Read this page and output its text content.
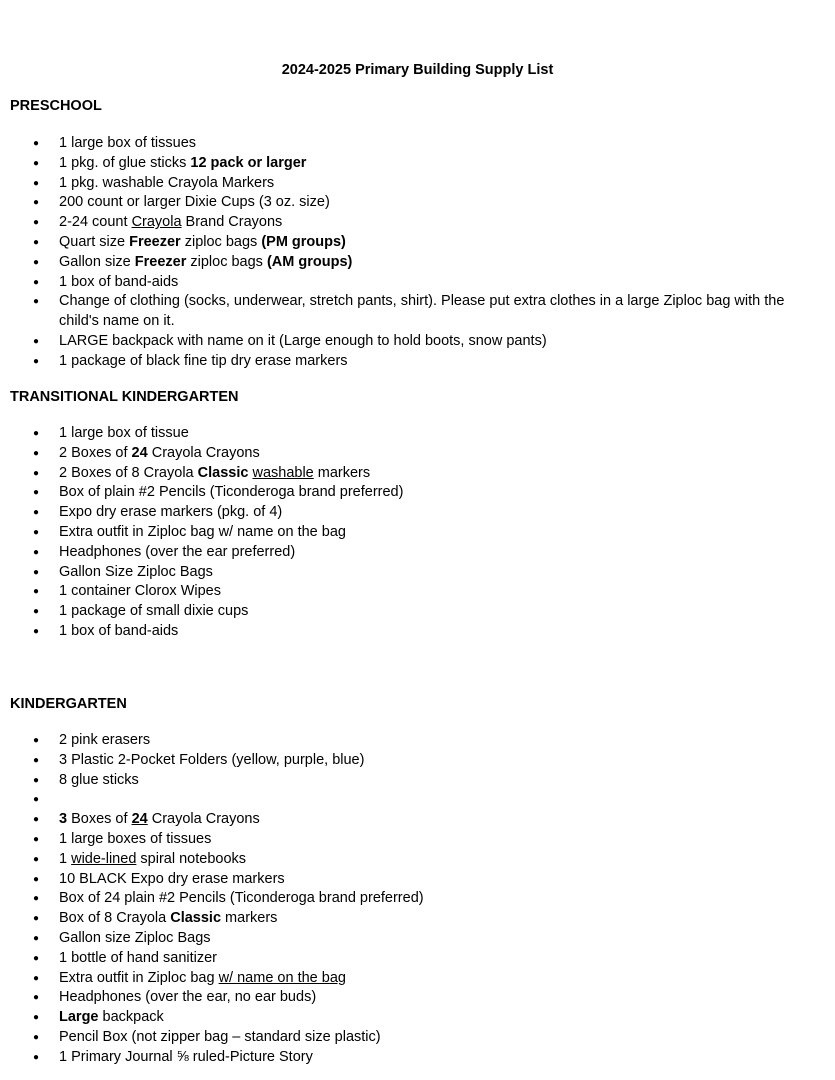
2024-2025 Primary Building Supply List
PRESCHOOL
● 1 large box of tissues
● 1 pkg. of glue sticks 12 pack or larger
● 1 pkg. washable Crayola Markers
● 200 count or larger Dixie Cups (3 oz. size)
● 2-24 count Crayola Brand Crayons
● Quart size Freezer ziploc bags (PM groups)
● Gallon size Freezer ziploc bags (AM groups)
● 1 box of band-aids
● Change of clothing (socks, underwear, stretch pants, shirt). Please put extra clothes in a large Ziploc bag with the child's name on it.
● LARGE backpack with name on it (Large enough to hold boots, snow pants)
● 1 package of black fine tip dry erase markers
TRANSITIONAL KINDERGARTEN
● 1 large box of tissue
● 2 Boxes of 24 Crayola Crayons
● 2 Boxes of 8 Crayola Classic washable markers
● Box of plain #2 Pencils (Ticonderoga brand preferred)
● Expo dry erase markers (pkg. of 4)
● Extra outfit in Ziploc bag w/ name on the bag
● Headphones (over the ear preferred)
● Gallon Size Ziploc Bags
● 1 container Clorox Wipes
● 1 package of small dixie cups
● 1 box of band-aids
KINDERGARTEN
● 2 pink erasers
● 3 Plastic 2-Pocket Folders (yellow, purple, blue)
● 8 glue sticks
●
● 3 Boxes of 24 Crayola Crayons
● 1 large boxes of tissues
● 1 wide-lined spiral notebooks
● 10 BLACK Expo dry erase markers
● Box of 24 plain #2 Pencils (Ticonderoga brand preferred)
● Box of 8 Crayola Classic markers
● Gallon size Ziploc Bags
● 1 bottle of hand sanitizer
● Extra outfit in Ziploc bag w/ name on the bag
● Headphones (over the ear, no ear buds)
● Large backpack
● Pencil Box (not zipper bag – standard size plastic)
● 1 Primary Journal ⅝ ruled-Picture Story
